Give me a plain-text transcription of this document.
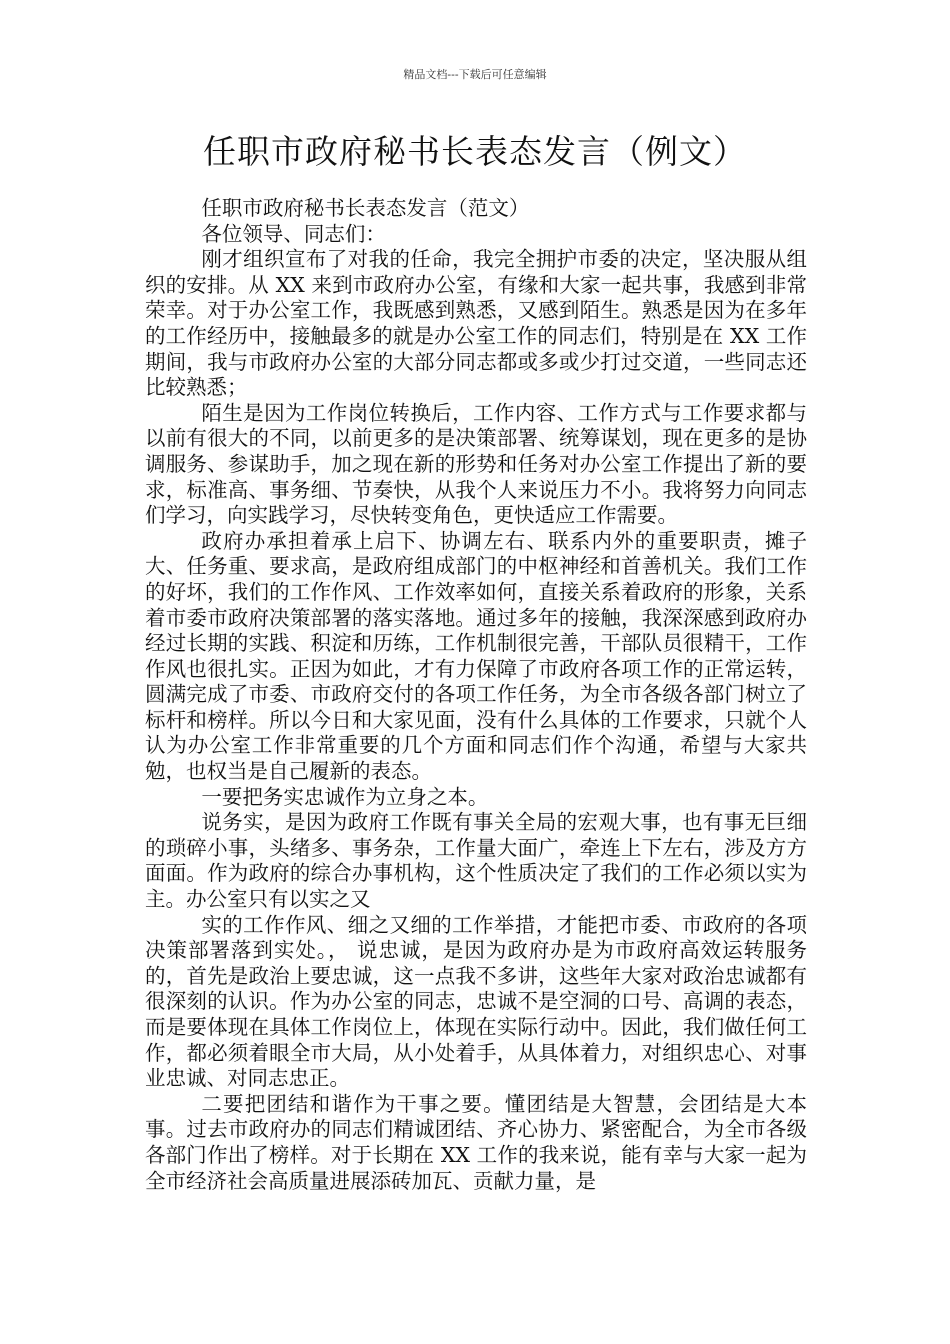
精品文档---下载后可任意编辑
任职市政府秘书长表态发言（例文）

任职市政府秘书长表态发言（范文）

各位领导、同志们：

刚才组织宣布了对我的任命，我完全拥护市委的决定，坚决服从组织的安排。从 XX 来到市政府办公室，有缘和大家一起共事，我感到非常荣幸。对于办公室工作，我既感到熟悉，又感到陌生。熟悉是因为在多年的工作经历中，接触最多的就是办公室工作的同志们，特别是在 XX 工作期间，我与市政府办公室的大部分同志都或多或少打过交道，一些同志还比较熟悉；

陌生是因为工作岗位转换后，工作内容、工作方式与工作要求都与以前有很大的不同，以前更多的是决策部署、统筹谋划，现在更多的是协调服务、参谋助手，加之现在新的形势和任务对办公室工作提出了新的要求，标准高、事务细、节奏快，从我个人来说压力不小。我将努力向同志们学习，向实践学习，尽快转变角色，更快适应工作需要。

政府办承担着承上启下、协调左右、联系内外的重要职责，摊子大、任务重、要求高，是政府组成部门的中枢神经和首善机关。我们工作的好坏，我们的工作作风、工作效率如何，直接关系着政府的形象，关系着市委市政府决策部署的落实落地。通过多年的接触，我深深感到政府办经过长期的实践、积淀和历练，工作机制很完善，干部队员很精干，工作作风也很扎实。正因为如此，才有力保障了市政府各项工作的正常运转，圆满完成了市委、市政府交付的各项工作任务，为全市各级各部门树立了标杆和榜样。所以今日和大家见面，没有什么具体的工作要求，只就个人认为办公室工作非常重要的几个方面和同志们作个沟通，希望与大家共勉，也权当是自己履新的表态。

一要把务实忠诚作为立身之本。

说务实，是因为政府工作既有事关全局的宏观大事，也有事无巨细的琐碎小事，头绪多、事务杂，工作量大面广，牵连上下左右，涉及方方面面。作为政府的综合办事机构，这个性质决定了我们的工作必须以实为主。办公室只有以实之又

实的工作作风、细之又细的工作举措，才能把市委、市政府的各项决策部署落到实处。， 说忠诚，是因为政府办是为市政府高效运转服务的，首先是政治上要忠诚，这一点我不多讲，这些年大家对政治忠诚都有很深刻的认识。作为办公室的同志，忠诚不是空洞的口号、高调的表态，而是要体现在具体工作岗位上，体现在实际行动中。因此，我们做任何工作，都必须着眼全市大局，从小处着手，从具体着力，对组织忠心、对事业忠诚、对同志忠正。

二要把团结和谐作为干事之要。懂团结是大智慧，会团结是大本事。过去市政府办的同志们精诚团结、齐心协力、紧密配合，为全市各级各部门作出了榜样。对于长期在 XX 工作的我来说，能有幸与大家一起为全市经济社会高质量进展添砖加瓦、贡献力量，是
